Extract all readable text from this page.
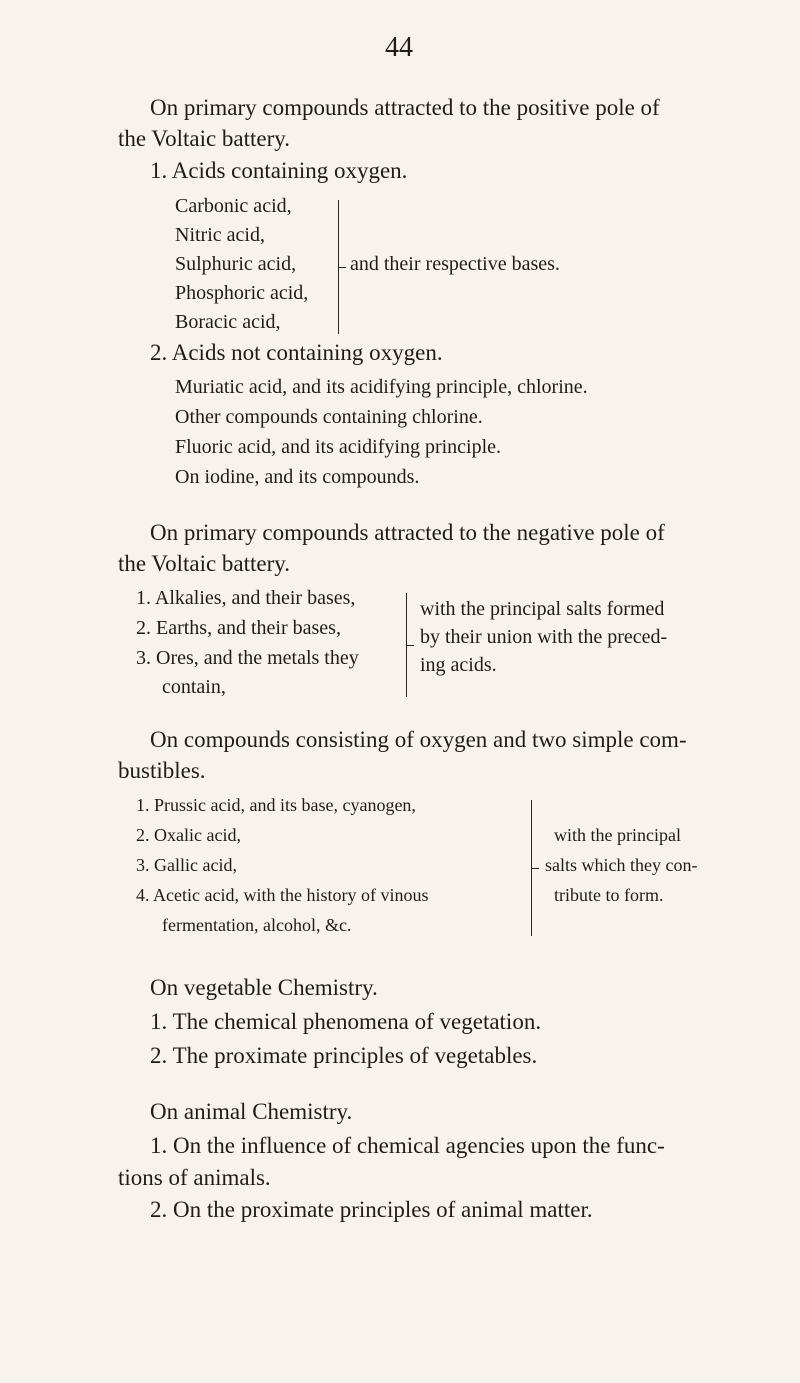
44
On primary compounds attracted to the positive pole of
the Voltaic battery.
1. Acids containing oxygen.
Carbonic acid,
Nitric acid,
Sulphuric acid,
Phosphoric acid,
Boracic acid,
and their respective bases.
2. Acids not containing oxygen.
Muriatic acid, and its acidifying principle, chlorine.
Other compounds containing chlorine.
Fluoric acid, and its acidifying principle.
On iodine, and its compounds.
On primary compounds attracted to the negative pole of
the Voltaic battery.
1. Alkalies, and their bases,
2. Earths, and their bases,
3. Ores, and the metals they
contain,
with the principal salts formed
by their union with the preced-
ing acids.
On compounds consisting of oxygen and two simple com-
bustibles.
1. Prussic acid, and its base, cyanogen,
2. Oxalic acid,
3. Gallic acid,
4. Acetic acid, with the history of vinous
fermentation, alcohol, &c.
with the principal
salts which they con-
tribute to form.
On vegetable Chemistry.
1. The chemical phenomena of vegetation.
2. The proximate principles of vegetables.
On animal Chemistry.
1. On the influence of chemical agencies upon the func-
tions of animals.
2. On the proximate principles of animal matter.
